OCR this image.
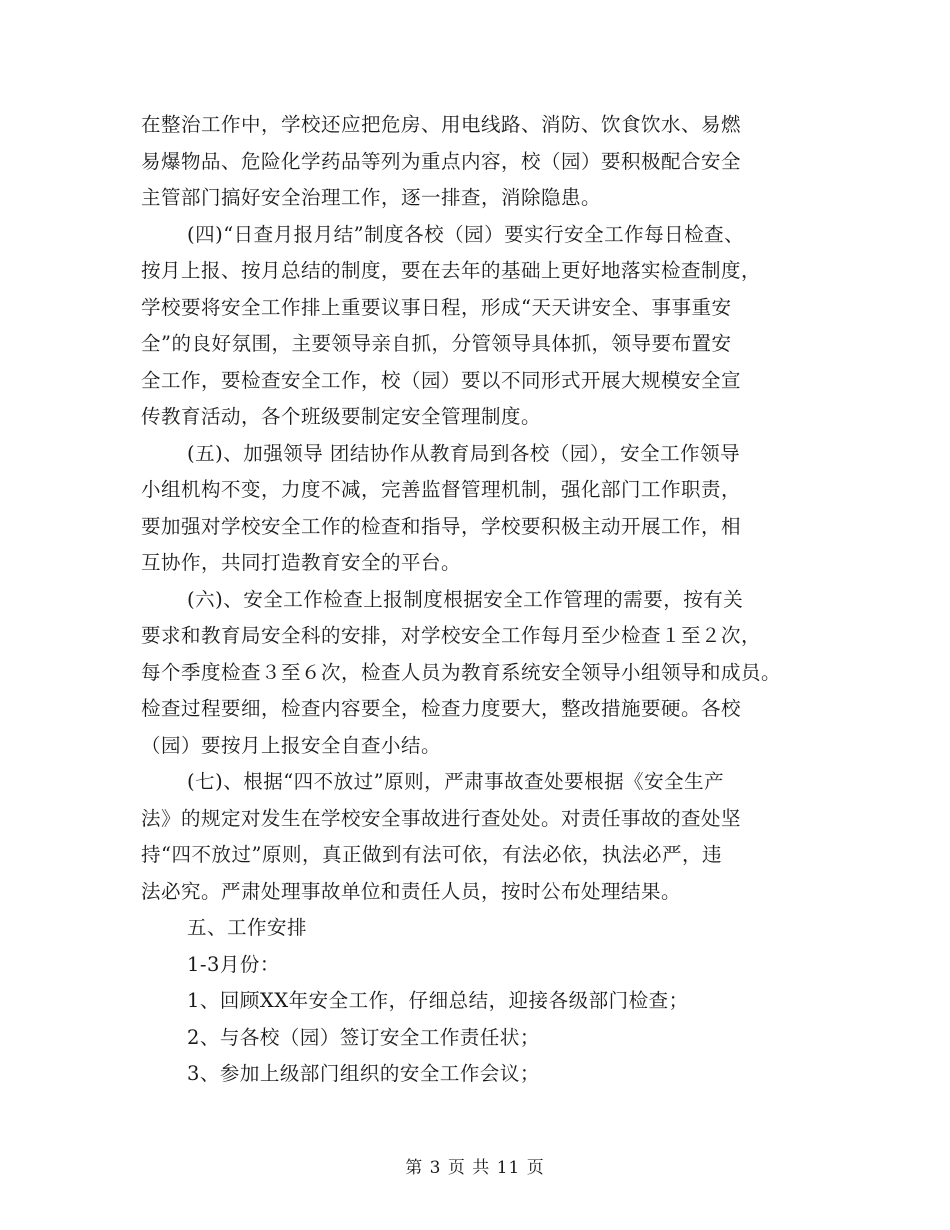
在整治工作中，学校还应把危房、用电线路、消防、饮食饮水、易燃
易爆物品、危险化学药品等列为重点内容，校（园）要积极配合安全
主管部门搞好安全治理工作，逐一排查，消除隐患。
(四)“日查月报月结”制度各校（园）要实行安全工作每日检查、
按月上报、按月总结的制度，要在去年的基础上更好地落实检查制度，
学校要将安全工作排上重要议事日程，形成“天天讲安全、事事重安
全”的良好氛围，主要领导亲自抓，分管领导具体抓，领导要布置安
全工作，要检查安全工作，校（园）要以不同形式开展大规模安全宣
传教育活动，各个班级要制定安全管理制度。
(五)、加强领导 团结协作从教育局到各校（园），安全工作领导
小组机构不变，力度不减，完善监督管理机制，强化部门工作职责，
要加强对学校安全工作的检查和指导，学校要积极主动开展工作，相
互协作，共同打造教育安全的平台。
(六)、安全工作检查上报制度根据安全工作管理的需要，按有关
要求和教育局安全科的安排，对学校安全工作每月至少检查１至２次，
每个季度检查３至６次，检查人员为教育系统安全领导小组领导和成员。
检查过程要细，检查内容要全，检查力度要大，整改措施要硬。各校
（园）要按月上报安全自查小结。
(七)、根据“四不放过”原则，严肃事故查处要根据《安全生产
法》的规定对发生在学校安全事故进行查处处。对责任事故的查处坚
持“四不放过”原则，真正做到有法可依，有法必依，执法必严，违
法必究。严肃处理事故单位和责任人员，按时公布处理结果。
五、工作安排
1-3月份：
1、回顾XX年安全工作，仔细总结，迎接各级部门检查；
2、与各校（园）签订安全工作责任状；
3、参加上级部门组织的安全工作会议；
第 3 页 共 11 页
